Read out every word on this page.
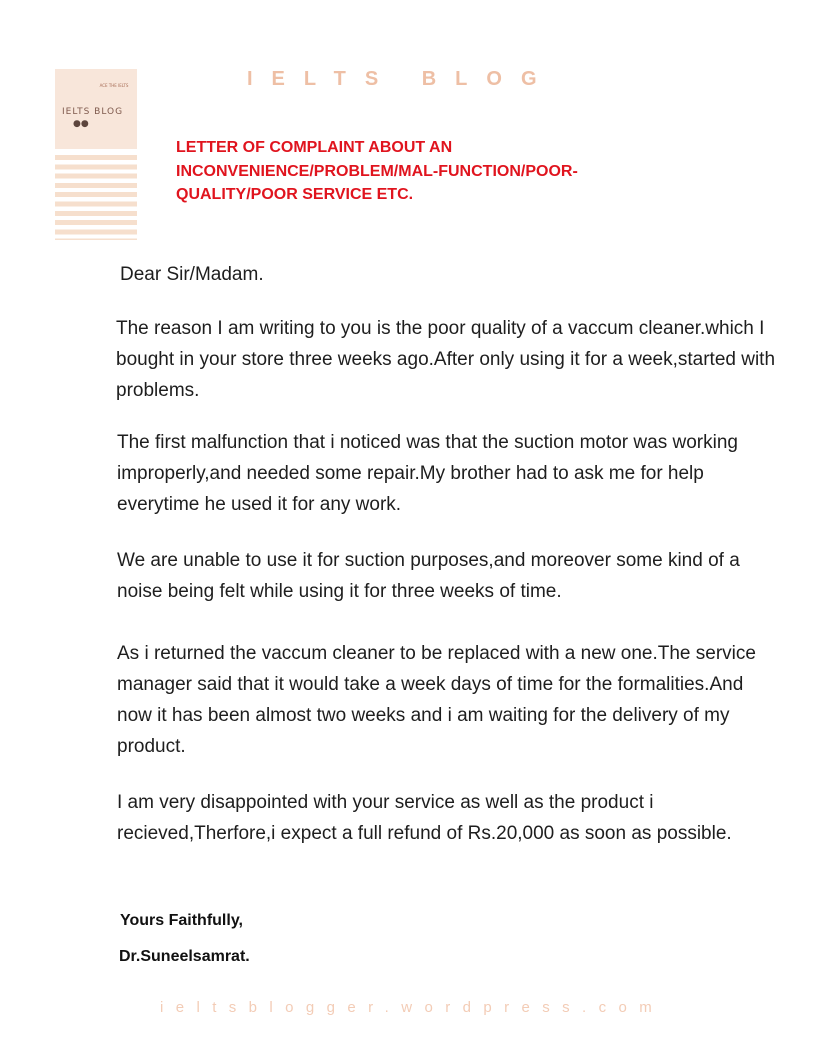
ACE THE IELTS
IELTS BLOG
●●
IELTS BLOG
LETTER OF COMPLAINT ABOUT AN INCONVENIENCE/PROBLEM/MAL-FUNCTION/POOR-QUALITY/POOR SERVICE ETC.
Dear Sir/Madam.

The reason I am writing to you is the poor quality of a vaccum cleaner.which I bought in your store three weeks ago.After only using it for a week,started with problems.

The first malfunction that i noticed was that the suction motor was working improperly,and needed some repair.My brother had to ask me for help everytime he used it for any work.

We are unable to use it for suction purposes,and moreover some kind of a noise being felt while using it for three weeks of time.

As i returned the vaccum cleaner to be replaced with a new one.The service manager said that it would take a week days of time for the formalities.And now it has been almost two weeks and i am waiting for the delivery of my product.

I am very disappointed with your service as well as the product i recieved,Therfore,i expect a full refund of Rs.20,000 as soon as possible.

Yours Faithfully,
Dr.Suneelsamrat.
ieltsblogger.wordpress.com
